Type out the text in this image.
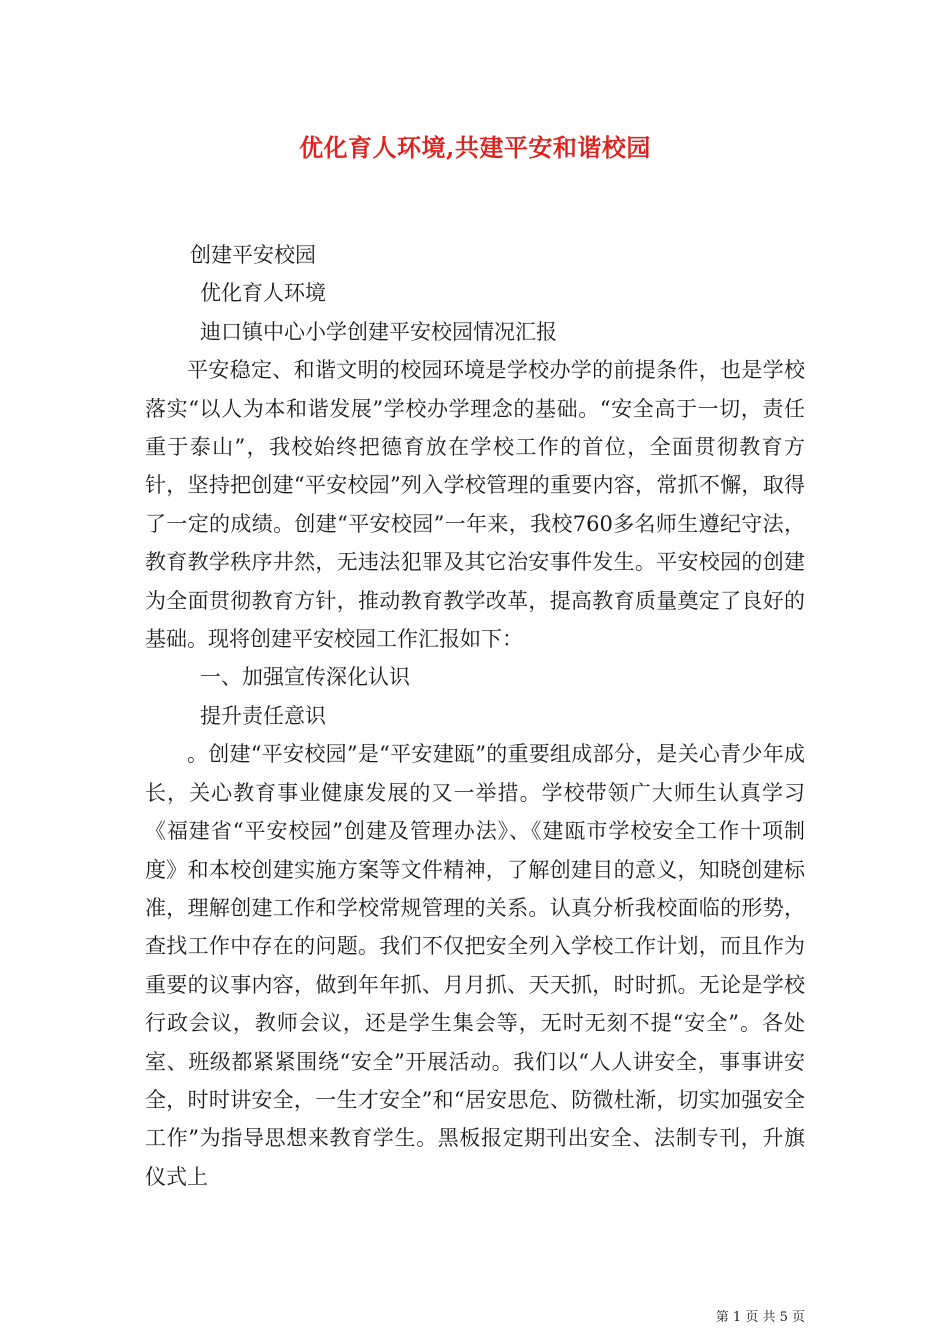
优化育人环境,共建平安和谐校园

创建平安校园

优化育人环境

迪口镇中心小学创建平安校园情况汇报

平安稳定、和谐文明的校园环境是学校办学的前提条件，也是学校落实“以人为本和谐发展”学校办学理念的基础。“安全高于一切，责任重于泰山”，我校始终把德育放在学校工作的首位，全面贯彻教育方针，坚持把创建“平安校园”列入学校管理的重要内容，常抓不懈，取得了一定的成绩。创建“平安校园”一年来，我校760多名师生遵纪守法，教育教学秩序井然，无违法犯罪及其它治安事件发生。平安校园的创建为全面贯彻教育方针，推动教育教学改革，提高教育质量奠定了良好的基础。现将创建平安校园工作汇报如下：

一、加强宣传深化认识

提升责任意识

。创建“平安校园”是“平安建瓯”的重要组成部分，是关心青少年成长，关心教育事业健康发展的又一举措。学校带领广大师生认真学习《福建省“平安校园”创建及管理办法》、《建瓯市学校安全工作十项制度》和本校创建实施方案等文件精神，了解创建目的意义，知晓创建标准，理解创建工作和学校常规管理的关系。认真分析我校面临的形势，查找工作中存在的问题。我们不仅把安全列入学校工作计划，而且作为重要的议事内容，做到年年抓、月月抓、天天抓，时时抓。无论是学校行政会议，教师会议，还是学生集会等，无时无刻不提“安全”。各处室、班级都紧紧围绕“安全”开展活动。我们以“人人讲安全，事事讲安全，时时讲安全，一生才安全”和“居安思危、防微杜渐，切实加强安全工作”为指导思想来教育学生。黑板报定期刊出安全、法制专刊，升旗仪式上

第 1 页 共 5 页
